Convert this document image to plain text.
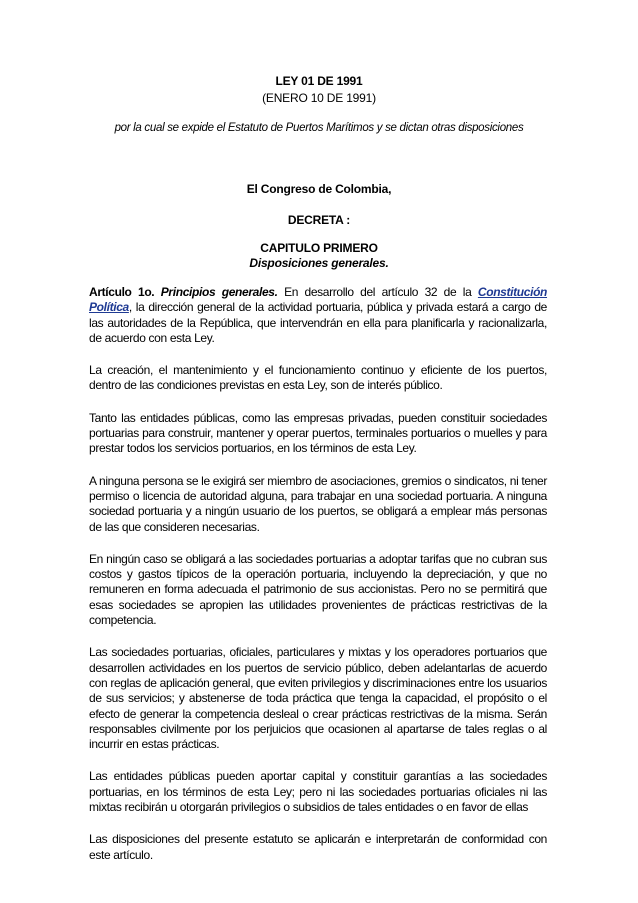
LEY 01 DE 1991
(ENERO 10 DE 1991)
por la cual se expide el Estatuto de Puertos Marítimos y se dictan otras disposiciones
El Congreso de Colombia,
DECRETA :
CAPITULO PRIMERO
Disposiciones generales.

Artículo 1o. Principios generales. En desarrollo del artículo 32 de la Constitución Política, la dirección general de la actividad portuaria, pública y privada estará a cargo de las autoridades de la República, que intervendrán en ella para planificarla y racionalizarla, de acuerdo con esta Ley.

La creación, el mantenimiento y el funcionamiento continuo y eficiente de los puertos, dentro de las condiciones previstas en esta Ley, son de interés público.

Tanto las entidades públicas, como las empresas privadas, pueden constituir sociedades portuarias para construir, mantener y operar puertos, terminales portuarios o muelles y para prestar todos los servicios portuarios, en los términos de esta Ley.

A ninguna persona se le exigirá ser miembro de asociaciones, gremios o sindicatos, ni tener permiso o licencia de autoridad alguna, para trabajar en una sociedad portuaria. A ninguna sociedad portuaria y a ningún usuario de los puertos, se obligará a emplear más personas de las que consideren necesarias.

En ningún caso se obligará a las sociedades portuarias a adoptar tarifas que no cubran sus costos y gastos típicos de la operación portuaria, incluyendo la depreciación, y que no remuneren en forma adecuada el patrimonio de sus accionistas. Pero no se permitirá que esas sociedades se apropien las utilidades provenientes de prácticas restrictivas de la competencia.

Las sociedades portuarias, oficiales, particulares y mixtas y los operadores portuarios que desarrollen actividades en los puertos de servicio público, deben adelantarlas de acuerdo con reglas de aplicación general, que eviten privilegios y discriminaciones entre los usuarios de sus servicios; y abstenerse de toda práctica que tenga la capacidad, el propósito o el efecto de generar la competencia desleal o crear prácticas restrictivas de la misma. Serán responsables civilmente por los perjuicios que ocasionen al apartarse de tales reglas o al incurrir en estas prácticas.

Las entidades públicas pueden aportar capital y constituir garantías a las sociedades portuarias, en los términos de esta Ley; pero ni las sociedades portuarias oficiales ni las mixtas recibirán u otorgarán privilegios o subsidios de tales entidades o en favor de ellas

Las disposiciones del presente estatuto se aplicarán e interpretarán de conformidad con este artículo.
